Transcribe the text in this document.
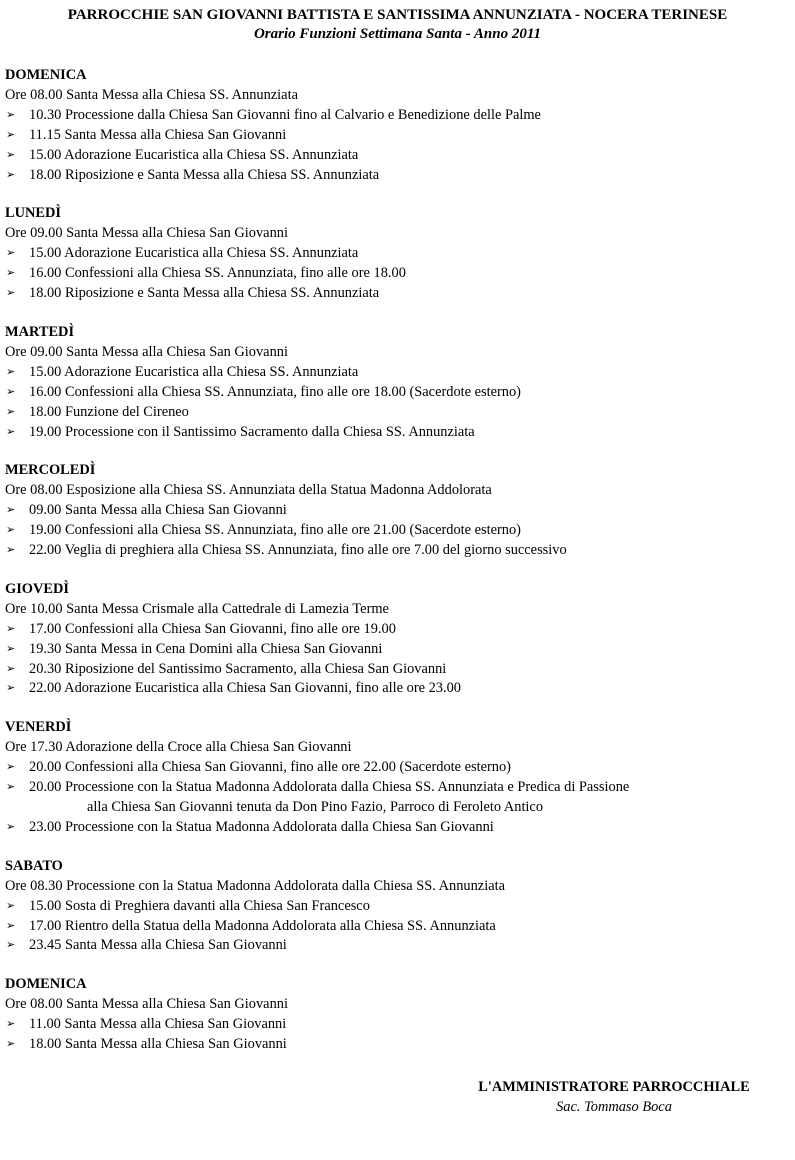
PARROCCHIE SAN GIOVANNI BATTISTA E SANTISSIMA ANNUNZIATA - NOCERA TERINESE

Orario Funzioni Settimana Santa - Anno 2011

DOMENICA

Ore 08.00 Santa Messa alla Chiesa SS. Annunziata

➢ 10.30 Processione dalla Chiesa San Giovanni fino al Calvario e Benedizione delle Palme
➢ 11.15 Santa Messa alla Chiesa San Giovanni
➢ 15.00 Adorazione Eucaristica alla Chiesa SS. Annunziata
➢ 18.00 Riposizione e Santa Messa alla Chiesa SS. Annunziata

LUNEDÌ

Ore 09.00 Santa Messa alla Chiesa San Giovanni

➢ 15.00 Adorazione Eucaristica alla Chiesa SS. Annunziata
➢ 16.00 Confessioni alla Chiesa SS. Annunziata, fino alle ore 18.00
➢ 18.00 Riposizione e Santa Messa alla Chiesa SS. Annunziata

MARTEDÌ

Ore 09.00 Santa Messa alla Chiesa San Giovanni

➢ 15.00 Adorazione Eucaristica alla Chiesa SS. Annunziata
➢ 16.00 Confessioni alla Chiesa SS. Annunziata, fino alle ore 18.00 (Sacerdote esterno)
➢ 18.00 Funzione del Cireneo
➢ 19.00 Processione con il Santissimo Sacramento dalla Chiesa SS. Annunziata

MERCOLEDÌ

Ore 08.00 Esposizione alla Chiesa SS. Annunziata della Statua Madonna Addolorata

➢ 09.00 Santa Messa alla Chiesa San Giovanni
➢ 19.00 Confessioni alla Chiesa SS. Annunziata, fino alle ore 21.00 (Sacerdote esterno)
➢ 22.00 Veglia di preghiera alla Chiesa SS. Annunziata, fino alle ore 7.00 del giorno successivo

GIOVEDÌ

Ore 10.00 Santa Messa Crismale alla Cattedrale di Lamezia Terme

➢ 17.00 Confessioni alla Chiesa San Giovanni, fino alle ore 19.00
➢ 19.30 Santa Messa in Cena Domini alla Chiesa San Giovanni
➢ 20.30 Riposizione del Santissimo Sacramento, alla Chiesa San Giovanni
➢ 22.00 Adorazione Eucaristica alla Chiesa San Giovanni, fino alle ore 23.00

VENERDÌ

Ore 17.30 Adorazione della Croce alla Chiesa San Giovanni

➢ 20.00 Confessioni alla Chiesa San Giovanni, fino alle ore 22.00 (Sacerdote esterno)
➢ 20.00 Processione con la Statua Madonna Addolorata dalla Chiesa SS. Annunziata e Predica di Passione
alla Chiesa San Giovanni tenuta da Don Pino Fazio, Parroco di Feroleto Antico
➢ 23.00 Processione con la Statua Madonna Addolorata dalla Chiesa San Giovanni

SABATO

Ore 08.30 Processione con la Statua Madonna Addolorata dalla Chiesa SS. Annunziata

➢ 15.00 Sosta di Preghiera davanti alla Chiesa San Francesco
➢ 17.00 Rientro della Statua della Madonna Addolorata alla Chiesa SS. Annunziata
➢ 23.45 Santa Messa alla Chiesa San Giovanni

DOMENICA

Ore 08.00 Santa Messa alla Chiesa San Giovanni

➢ 11.00 Santa Messa alla Chiesa San Giovanni
➢ 18.00 Santa Messa alla Chiesa San Giovanni

L'AMMINISTRATORE PARROCCHIALE

Sac. Tommaso Boca
